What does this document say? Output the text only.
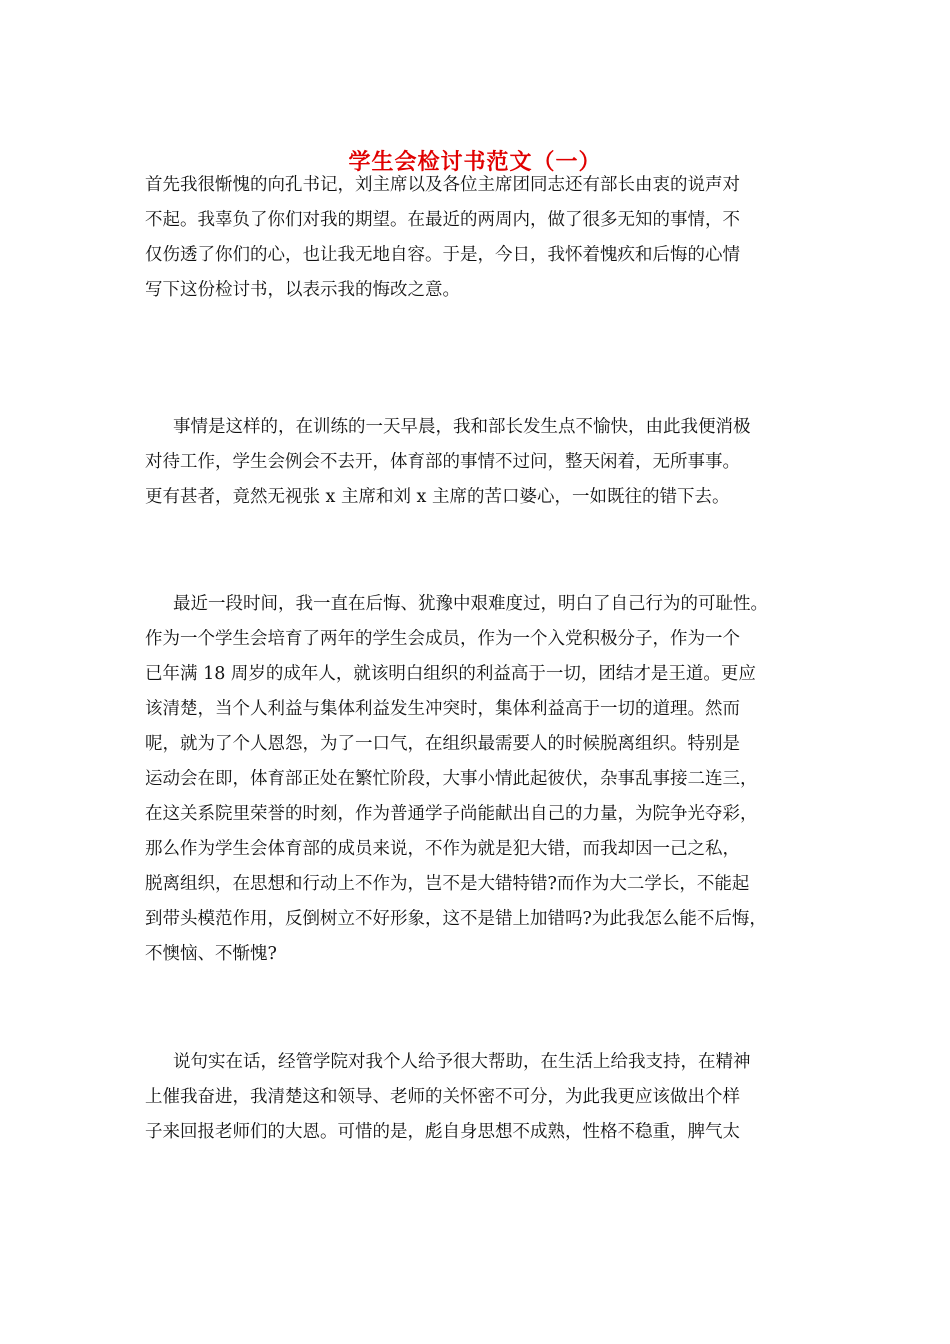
学生会检讨书范文（一）
首先我很惭愧的向孔书记，刘主席以及各位主席团同志还有部长由衷的说声对
不起。我辜负了你们对我的期望。在最近的两周内，做了很多无知的事情，不
仅伤透了你们的心，也让我无地自容。于是，今日，我怀着愧疚和后悔的心情
写下这份检讨书，以表示我的悔改之意。
事情是这样的，在训练的一天早晨，我和部长发生点不愉快，由此我便消极
对待工作，学生会例会不去开，体育部的事情不过问，整天闲着，无所事事。
更有甚者，竟然无视张 x 主席和刘 x 主席的苦口婆心，一如既往的错下去。
最近一段时间，我一直在后悔、犹豫中艰难度过，明白了自己行为的可耻性。
作为一个学生会培育了两年的学生会成员，作为一个入党积极分子，作为一个
已年满 18 周岁的成年人，就该明白组织的利益高于一切，团结才是王道。更应
该清楚，当个人利益与集体利益发生冲突时，集体利益高于一切的道理。然而
呢，就为了个人恩怨，为了一口气，在组织最需要人的时候脱离组织。特别是
运动会在即，体育部正处在繁忙阶段，大事小情此起彼伏，杂事乱事接二连三，
在这关系院里荣誉的时刻，作为普通学子尚能献出自己的力量，为院争光夺彩，
那么作为学生会体育部的成员来说，不作为就是犯大错，而我却因一己之私，
脱离组织，在思想和行动上不作为，岂不是大错特错?而作为大二学长，不能起
到带头模范作用，反倒树立不好形象，这不是错上加错吗?为此我怎么能不后悔，
不懊恼、不惭愧?
说句实在话，经管学院对我个人给予很大帮助，在生活上给我支持，在精神
上催我奋进，我清楚这和领导、老师的关怀密不可分，为此我更应该做出个样
子来回报老师们的大恩。可惜的是，彪自身思想不成熟，性格不稳重，脾气太
